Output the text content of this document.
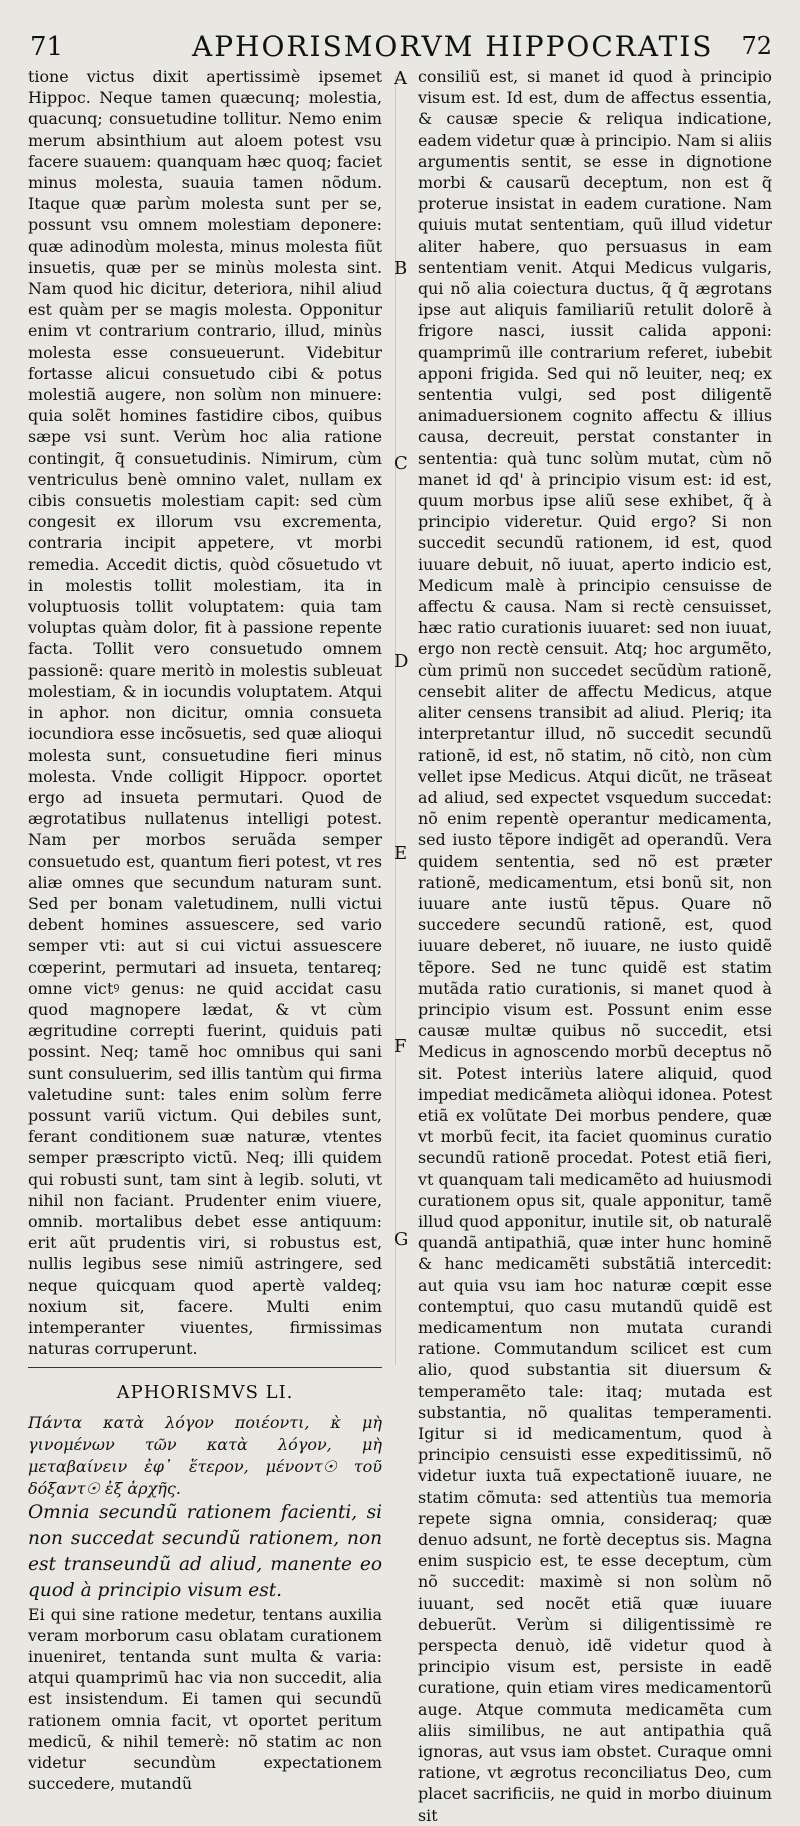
71	APHORISMORVM HIPPOCRATIS 72

tione victus dixit apertissimè ipsemet Hippoc. Neque tamen quæcunq; molestia, quacunq; consuetudine tollitur. Nemo enim merum absinthium aut aloem potest vsu facere suauem: quanquam hæc quoq; faciet minus molesta, suauia tamen nõdum. Itaque quæ parùm molesta sunt per se, possunt vsu omnem molestiam deponere: quæ adinodùm molesta, minus molesta fiũt insuetis, quæ per se minùs molesta sint. Nam quod hic dicitur, deteriora, nihil aliud est quàm per se magis molesta. Opponitur enim vt contrarium contrario, illud, minùs molesta esse consueuerunt. Videbitur fortasse alicui consuetudo cibi & potus molestiã augere, non solùm non minuere: quia solẽt homines fastidire cibos, quibus sæpe vsi sunt. Verùm hoc alia ratione contingit, q̃ consuetudinis. Nimirum, cùm ventriculus benè omnino valet, nullam ex cibis consuetis molestiam capit: sed cùm congesit ex illorum vsu excrementa, contraria incipit appetere, vt morbi remedia. Accedit dictis, quòd cõsuetudo vt in molestis tollit molestiam, ita in voluptuosis tollit voluptatem: quia tam voluptas quàm dolor, fit à passione repente facta. Tollit vero consuetudo omnem passionẽ: quare meritò in molestis subleuat molestiam, & in iocundis voluptatem. Atqui in aphor. non dicitur, omnia consueta iocundiora esse incõsuetis, sed quæ alioqui molesta sunt, consuetudine fieri minus molesta. Vnde colligit Hippocr. oportet ergo ad insueta permutari. Quod de ægrotatibus nullatenus intelligi potest. Nam per morbos seruãda semper consuetudo est, quantum fieri potest, vt res aliæ omnes que secundum naturam sunt. Sed per bonam valetudinem, nulli victui debent homines assuescere, sed vario semper vti: aut si cui victui assuescere cœperint, permutari ad insueta, tentareq; omne victꝰ genus: ne quid accidat casu quod magnopere lædat, & vt cùm ægritudine correpti fuerint, quiduis pati possint. Neq; tamẽ hoc omnibus qui sani sunt consuluerim, sed illis tantùm qui firma valetudine sunt: tales enim solùm ferre possunt variũ victum. Qui debiles sunt, ferant conditionem suæ naturæ, vtentes semper præscripto victũ. Neq; illi quidem qui robusti sunt, tam sint à legib. soluti, vt nihil non faciant. Prudenter enim viuere, omnib. mortalibus debet esse antiquum: erit aũt prudentis viri, si robustus est, nullis legibus sese nimiũ astringere, sed neque quicquam quod apertè valdeq; noxium sit, facere. Multi enim intemperanter viuentes, firmissimas naturas corruperunt.

APHORISMVS LI.

Πάντα κατὰ λόγον ποιέοντι, κ̀ μὴ γινομένων τῶν κατὰ λόγον, μὴ μεταβαίνειν ἐφ᾽ ἕτερον, μένοντ☉ τοῦ δόξαντ☉ ἐξ ἀρχῆς.

Omnia secundũ rationem facienti, si non succedat secundũ rationem, non est transeundũ ad aliud, manente eo quod à principio visum est.

Ei qui sine ratione medetur, tentans auxilia veram morborum casu oblatam curationem inueniret, tentanda sunt multa & varia: atqui quamprimũ hac via non succedit, alia est insistendum. Ei tamen qui secundũ rationem omnia facit, vt oportet peritum medicũ, & nihil temerè: nõ statim ac non videtur secundùm expectationem succedere, mutandũ

A
B
C
D
E
F
G

consiliũ est, si manet id quod à principio visum est. Id est, dum de affectus essentia, & causæ specie & reliqua indicatione, eadem videtur quæ à principio. Nam si aliis argumentis sentit, se esse in dignotione morbi & causarũ deceptum, non est q̃ proterue insistat in eadem curatione. Nam quiuis mutat sententiam, quũ illud videtur aliter habere, quo persuasus in eam sententiam venit. Atqui Medicus vulgaris, qui nõ alia coiectura ductus, q̃ q̃ ægrotans ipse aut aliquis familiariũ retulit dolorẽ à frigore nasci, iussit calida apponi: quamprimũ ille contrarium referet, iubebit apponi frigida. Sed qui nõ leuiter, neq; ex sententia vulgi, sed post diligentẽ animaduersionem cognito affectu & illius causa, decreuit, perstat constanter in sententia: quà tunc solùm mutat, cùm nõ manet id qd' à principio visum est: id est, quum morbus ipse aliũ sese exhibet, q̃ à principio videretur. Quid ergo? Si non succedit secundũ rationem, id est, quod iuuare debuit, nõ iuuat, aperto indicio est, Medicum malè à principio censuisse de affectu & causa. Nam si rectè censuisset, hæc ratio curationis iuuaret: sed non iuuat, ergo non rectè censuit. Atq; hoc argumẽto, cùm primũ non succedet secũdùm rationẽ, censebit aliter de affectu Medicus, atque aliter censens transibit ad aliud. Pleriq; ita interpretantur illud, nõ succedit secundũ rationẽ, id est, nõ statim, nõ citò, non cùm vellet ipse Medicus. Atqui dicũt, ne trãseat ad aliud, sed expectet vsquedum succedat: nõ enim repentè operantur medicamenta, sed iusto tẽpore indigẽt ad operandũ. Vera quidem sententia, sed nõ est præter rationẽ, medicamentum, etsi bonũ sit, non iuuare ante iustũ tẽpus. Quare nõ succedere secundũ rationẽ, est, quod iuuare deberet, nõ iuuare, ne iusto quidẽ tẽpore. Sed ne tunc quidẽ est statim mutãda ratio curationis, si manet quod à principio visum est. Possunt enim esse causæ multæ quibus nõ succedit, etsi Medicus in agnoscendo morbũ deceptus nõ sit. Potest interiùs latere aliquid, quod impediat medicãmeta aliòqui idonea. Potest etiã ex volũtate Dei morbus pendere, quæ vt morbũ fecit, ita faciet quominus curatio secundũ rationẽ procedat. Potest etiã fieri, vt quanquam tali medicamẽto ad huiusmodi curationem opus sit, quale apponitur, tamẽ illud quod apponitur, inutile sit, ob naturalẽ quandã antipathiã, quæ inter hunc hominẽ & hanc medicamẽti substãtiã intercedit: aut quia vsu iam hoc naturæ cœpit esse contemptui, quo casu mutandũ quidẽ est medicamentum non mutata curandi ratione. Commutandum scilicet est cum alio, quod substantia sit diuersum & temperamẽto tale: itaq; mutada est substantia, nõ qualitas temperamenti. Igitur si id medicamentum, quod à principio censuisti esse expeditissimũ, nõ videtur iuxta tuã expectationẽ iuuare, ne statim cõmuta: sed attentiùs tua memoria repete signa omnia, consideraq; quæ denuo adsunt, ne fortè deceptus sis. Magna enim suspicio est, te esse deceptum, cùm nõ succedit: maximè si non solùm nõ iuuant, sed nocẽt etiã quæ iuuare debuerũt. Verùm si diligentissimè re perspecta denuò, idẽ videtur quod à principio visum est, persiste in eadẽ curatione, quin etiam vires medicamentorũ auge. Atque commuta medicamẽta cum aliis similibus, ne aut antipathia quã ignoras, aut vsus iam obstet. Curaque omni ratione, vt ægrotus reconciliatus Deo, cum placet sacrificiis, ne quid in morbo diuinum sit
